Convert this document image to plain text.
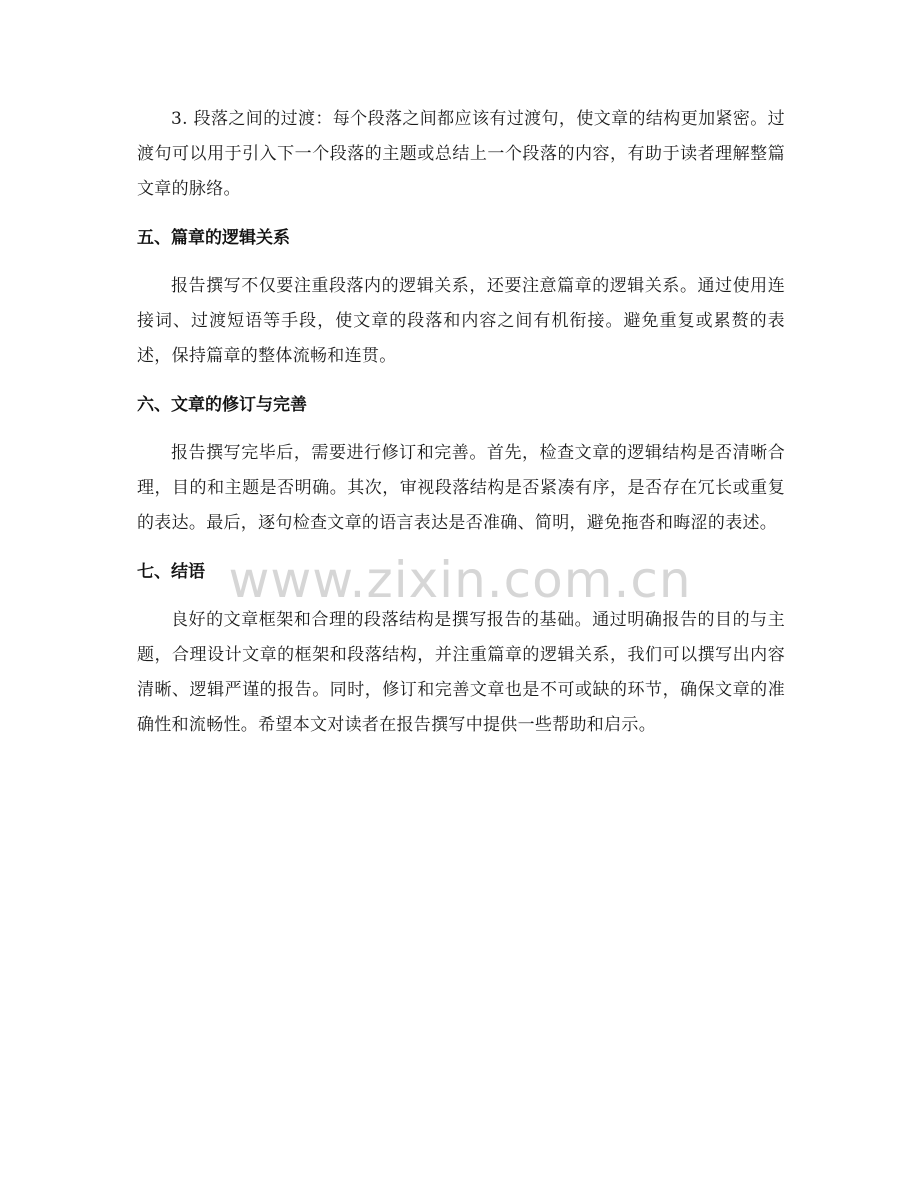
3. 段落之间的过渡：每个段落之间都应该有过渡句，使文章的结构更加紧密。过渡句可以用于引入下一个段落的主题或总结上一个段落的内容，有助于读者理解整篇文章的脉络。

五、篇章的逻辑关系

报告撰写不仅要注重段落内的逻辑关系，还要注意篇章的逻辑关系。通过使用连接词、过渡短语等手段，使文章的段落和内容之间有机衔接。避免重复或累赘的表述，保持篇章的整体流畅和连贯。

六、文章的修订与完善

报告撰写完毕后，需要进行修订和完善。首先，检查文章的逻辑结构是否清晰合理，目的和主题是否明确。其次，审视段落结构是否紧凑有序，是否存在冗长或重复的表达。最后，逐句检查文章的语言表达是否准确、简明，避免拖沓和晦涩的表述。

七、结语

良好的文章框架和合理的段落结构是撰写报告的基础。通过明确报告的目的与主题，合理设计文章的框架和段落结构，并注重篇章的逻辑关系，我们可以撰写出内容清晰、逻辑严谨的报告。同时，修订和完善文章也是不可或缺的环节，确保文章的准确性和流畅性。希望本文对读者在报告撰写中提供一些帮助和启示。

www.zixin.com.cn
